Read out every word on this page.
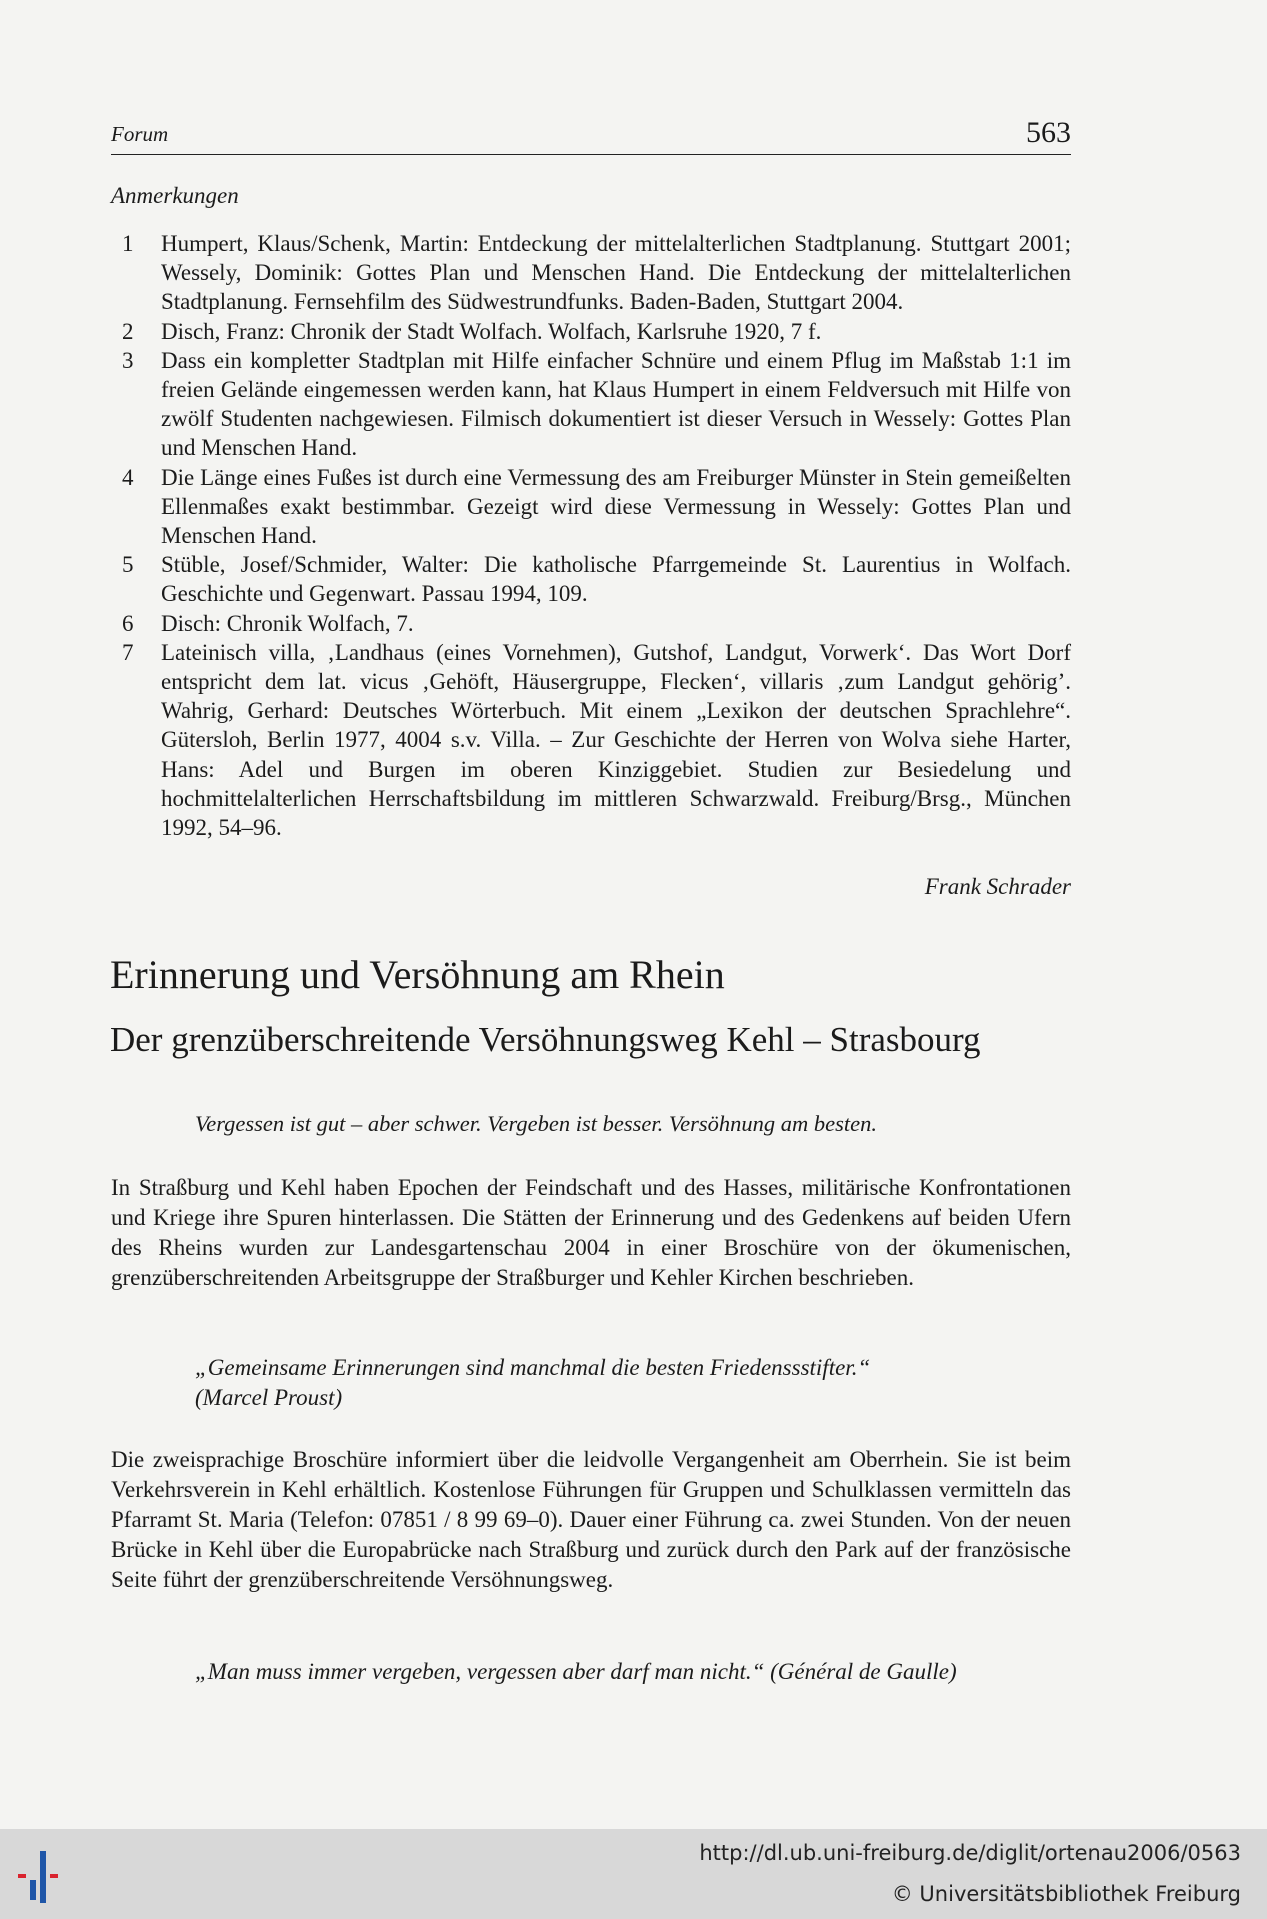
Forum	563
Anmerkungen
1 Humpert, Klaus/Schenk, Martin: Entdeckung der mittelalterlichen Stadtplanung. Stuttgart 2001; Wessely, Dominik: Gottes Plan und Menschen Hand. Die Entdeckung der mittelalterlichen Stadtplanung. Fernsehfilm des Südwestrundfunks. Baden-Baden, Stuttgart 2004.
2 Disch, Franz: Chronik der Stadt Wolfach. Wolfach, Karlsruhe 1920, 7 f.
3 Dass ein kompletter Stadtplan mit Hilfe einfacher Schnüre und einem Pflug im Maßstab 1:1 im freien Gelände eingemessen werden kann, hat Klaus Humpert in einem Feldversuch mit Hilfe von zwölf Studenten nachgewiesen. Filmisch dokumentiert ist dieser Versuch in Wessely: Gottes Plan und Menschen Hand.
4 Die Länge eines Fußes ist durch eine Vermessung des am Freiburger Münster in Stein gemeißelten Ellenmaßes exakt bestimmbar. Gezeigt wird diese Vermessung in Wessely: Gottes Plan und Menschen Hand.
5 Stüble, Josef/Schmider, Walter: Die katholische Pfarrgemeinde St. Laurentius in Wolfach. Geschichte und Gegenwart. Passau 1994, 109.
6 Disch: Chronik Wolfach, 7.
7 Lateinisch villa, ‚Landhaus (eines Vornehmen), Gutshof, Landgut, Vorwerk‘. Das Wort Dorf entspricht dem lat. vicus ‚Gehöft, Häusergruppe, Flecken‘, villaris ‚zum Landgut gehörig’. Wahrig, Gerhard: Deutsches Wörterbuch. Mit einem „Lexikon der deutschen Sprachlehre“. Gütersloh, Berlin 1977, 4004 s.v. Villa. – Zur Geschichte der Herren von Wolva siehe Harter, Hans: Adel und Burgen im oberen Kinziggebiet. Studien zur Besiedelung und hochmittelalterlichen Herrschaftsbildung im mittleren Schwarzwald. Freiburg/Brsg., München 1992, 54–96.
Frank Schrader
Erinnerung und Versöhnung am Rhein
Der grenzüberschreitende Versöhnungsweg Kehl – Strasbourg
Vergessen ist gut – aber schwer. Vergeben ist besser. Versöhnung am besten.

In Straßburg und Kehl haben Epochen der Feindschaft und des Hasses, militärische Konfrontationen und Kriege ihre Spuren hinterlassen. Die Stätten der Erinnerung und des Gedenkens auf beiden Ufern des Rheins wurden zur Landesgartenschau 2004 in einer Broschüre von der ökumenischen, grenzüberschreitenden Arbeitsgruppe der Straßburger und Kehler Kirchen beschrieben.

„Gemeinsame Erinnerungen sind manchmal die besten Friedenssstifter.“
(Marcel Proust)

Die zweisprachige Broschüre informiert über die leidvolle Vergangenheit am Oberrhein. Sie ist beim Verkehrsverein in Kehl erhältlich. Kostenlose Führungen für Gruppen und Schulklassen vermitteln das Pfarramt St. Maria (Telefon: 07851 / 8 99 69–0). Dauer einer Führung ca. zwei Stunden. Von der neuen Brücke in Kehl über die Europabrücke nach Straßburg und zurück durch den Park auf der französische Seite führt der grenzüberschreitende Versöhnungsweg.

„Man muss immer vergeben, vergessen aber darf man nicht.“ (Général de Gaulle)
http://dl.ub.uni-freiburg.de/diglit/ortenau2006/0563
© Universitätsbibliothek Freiburg
